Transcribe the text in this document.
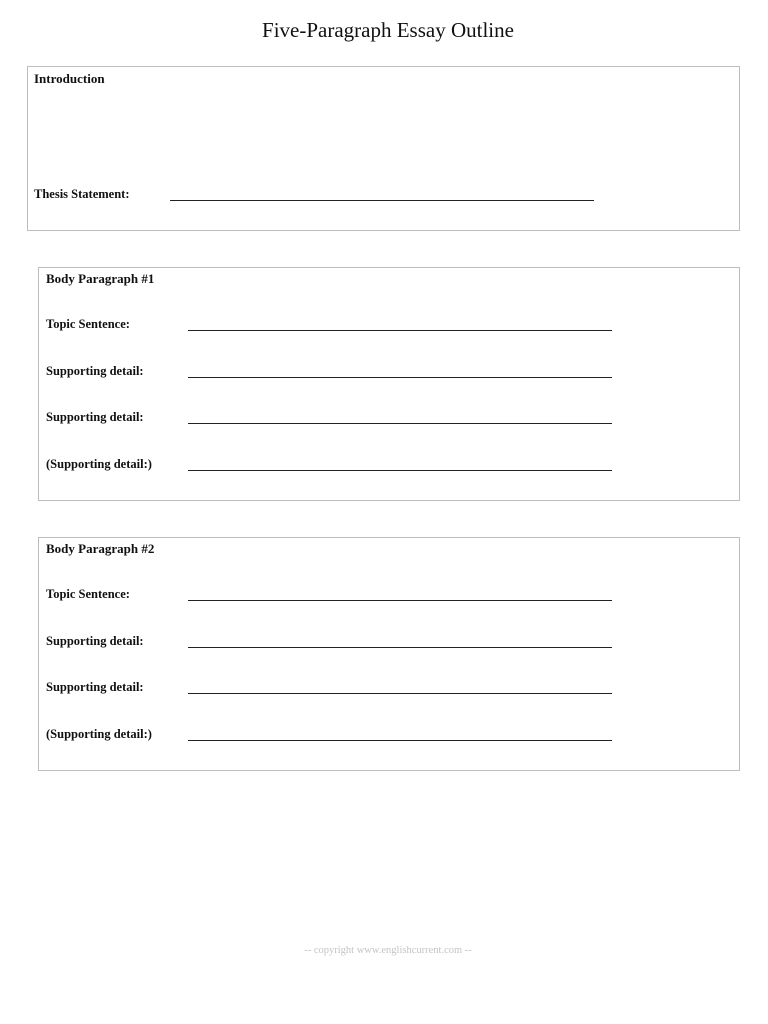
Five-Paragraph Essay Outline
Introduction
Thesis Statement:
Body Paragraph #1
Topic Sentence:
Supporting detail:
Supporting detail:
(Supporting detail:)
Body Paragraph #2
Topic Sentence:
Supporting detail:
Supporting detail:
(Supporting detail:)
-- copyright www.englishcurrent.com --
